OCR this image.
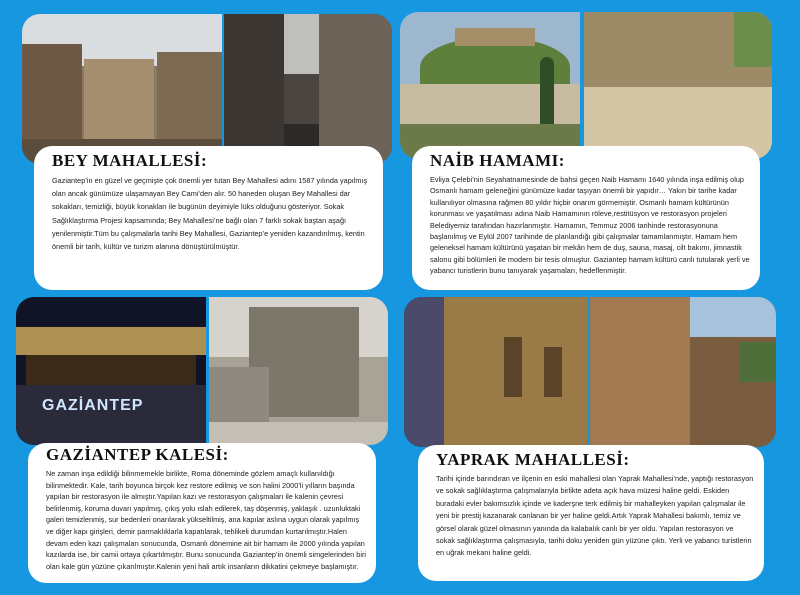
BEY MAHALLESİ:

Gaziantep’in en güzel ve geçmişte çok önemli yer tutan Bey Mahallesi adını 1587 yılında yapılmış olan ancak günümüze ulaşamayan Bey Cami’den alır. 50 haneden oluşan Bey Mahallesi dar sokakları, temizliği, büyük konakları ile bugünün deyimiyle lüks olduğunu gösteriyor. Sokak Sağlıklaştırma Projesi kapsamında; Bey Mahallesi’ne bağlı olan 7 farklı sokak baştan aşağı yenilenmiştir.Tüm bu çalışmalarla tarihi Bey Mahallesi, Gaziantep’e yeniden kazandırılmış, kentin önemli bir tarih, kültür ve turizm alanına dönüştürülmüştür.

NAİB HAMAMI:

Evliya Çelebi’nin Seyahatnamesinde de bahsi geçen Naib Hamamı 1640 yılında inşa edilmiş olup Osmanlı hamam geleneğini günümüze kadar taşıyan önemli bir yapıdır… Yakın bir tarihe kadar kullanılıyor olmasına rağmen 80 yıldır hiçbir onarım görmemiştir. Osmanlı hamam kültürünün korunması ve yaşatılması adına Naib Hamamının röleve,restitüsyon ve restorasyon projeleri Belediyemiz tarafından hazırlanmıştır. Hamamın, Temmuz 2006 tarihinde restorasyonuna başlanılmış ve Eylül 2007 tarihinde de planlandığı gibi çalışmalar tamamlanmıştır. Hamam hem geleneksel hamam kültürünü yaşatan bir mekân hem de duş, sauna, masaj, cilt bakımı, jimnastik salonu gibi bölümleri ile modern bir tesis olmuştur. Gaziantep hamam kültürü canlı tutularak yerli ve yabancı turistlerin bunu tanıyarak yaşamaları, hedeflenmiştir.

GAZİANTEP
GAZİANTEP KALESİ:

Ne zaman inşa edildiği bilinmemekle birlikte, Roma döneminde gözlem amaçlı kullanıldığı bilinmektedir. Kale, tarih boyunca birçok kez restore edilmiş ve son halini 2000’li yılların başında yapılan bir restorasyon ile almıştır.Yapılan kazı ve restorasyon çalışmaları ile kalenin çevresi belirlenmiş, koruma duvarı yapılmış, çıkış yolu ıslah edilerek, taş döşenmiş, yaklaşık . uzunluktaki galeri temizlenmiş, sur bedenleri onarılarak yükseltilmiş, ana kapılar aslına uygun olarak yapılmış ve diğer kapı girişleri, demir parmaklıklarla kapatılarak, tehlikeli durumdan kurtarılmıştır.Halen devam eden kazı çalışmaları sonucunda, Osmanlı dönemine ait bir hamam ile 2000 yılında yapılan kazılarda ise, bir camii ortaya çıkartılmıştır. Bunu sonucunda Gaziantep’in önemli simgelerinden biri olan kale gün yüzüne çıkarılmıştır.Kalenin yeni hali artık insanların dikkatini çekmeye başlamıştır.

YAPRAK MAHALLESİ:

Tarihi içinde barındıran ve ilçenin en eski mahallesi olan Yaprak Mahallesi’nde, yaptığı restorasyon ve sokak sağlıklaştırma çalışmalarıyla birlikte adeta açık hava müzesi haline geldi. Eskiden buradaki evler bakımsızlık içinde ve kaderşne terk edilmiş bir mahalleyken yapılan çalışmalar ile yeni bir prestij kazanarak canlanan bir yer haline geldi.Artık Yaprak Mahallesi bakımlı, temiz ve görsel olarak güzel olmasının yanında da kalabalık canlı bir yer oldu. Yapılan restorasyon ve sokak sağlıklaştırma çalışmasıyla, tarihi doku yeniden gün yüzüne çıktı. Yerli ve yabancı turistlerin en uğrak mekanı haline geldi.
